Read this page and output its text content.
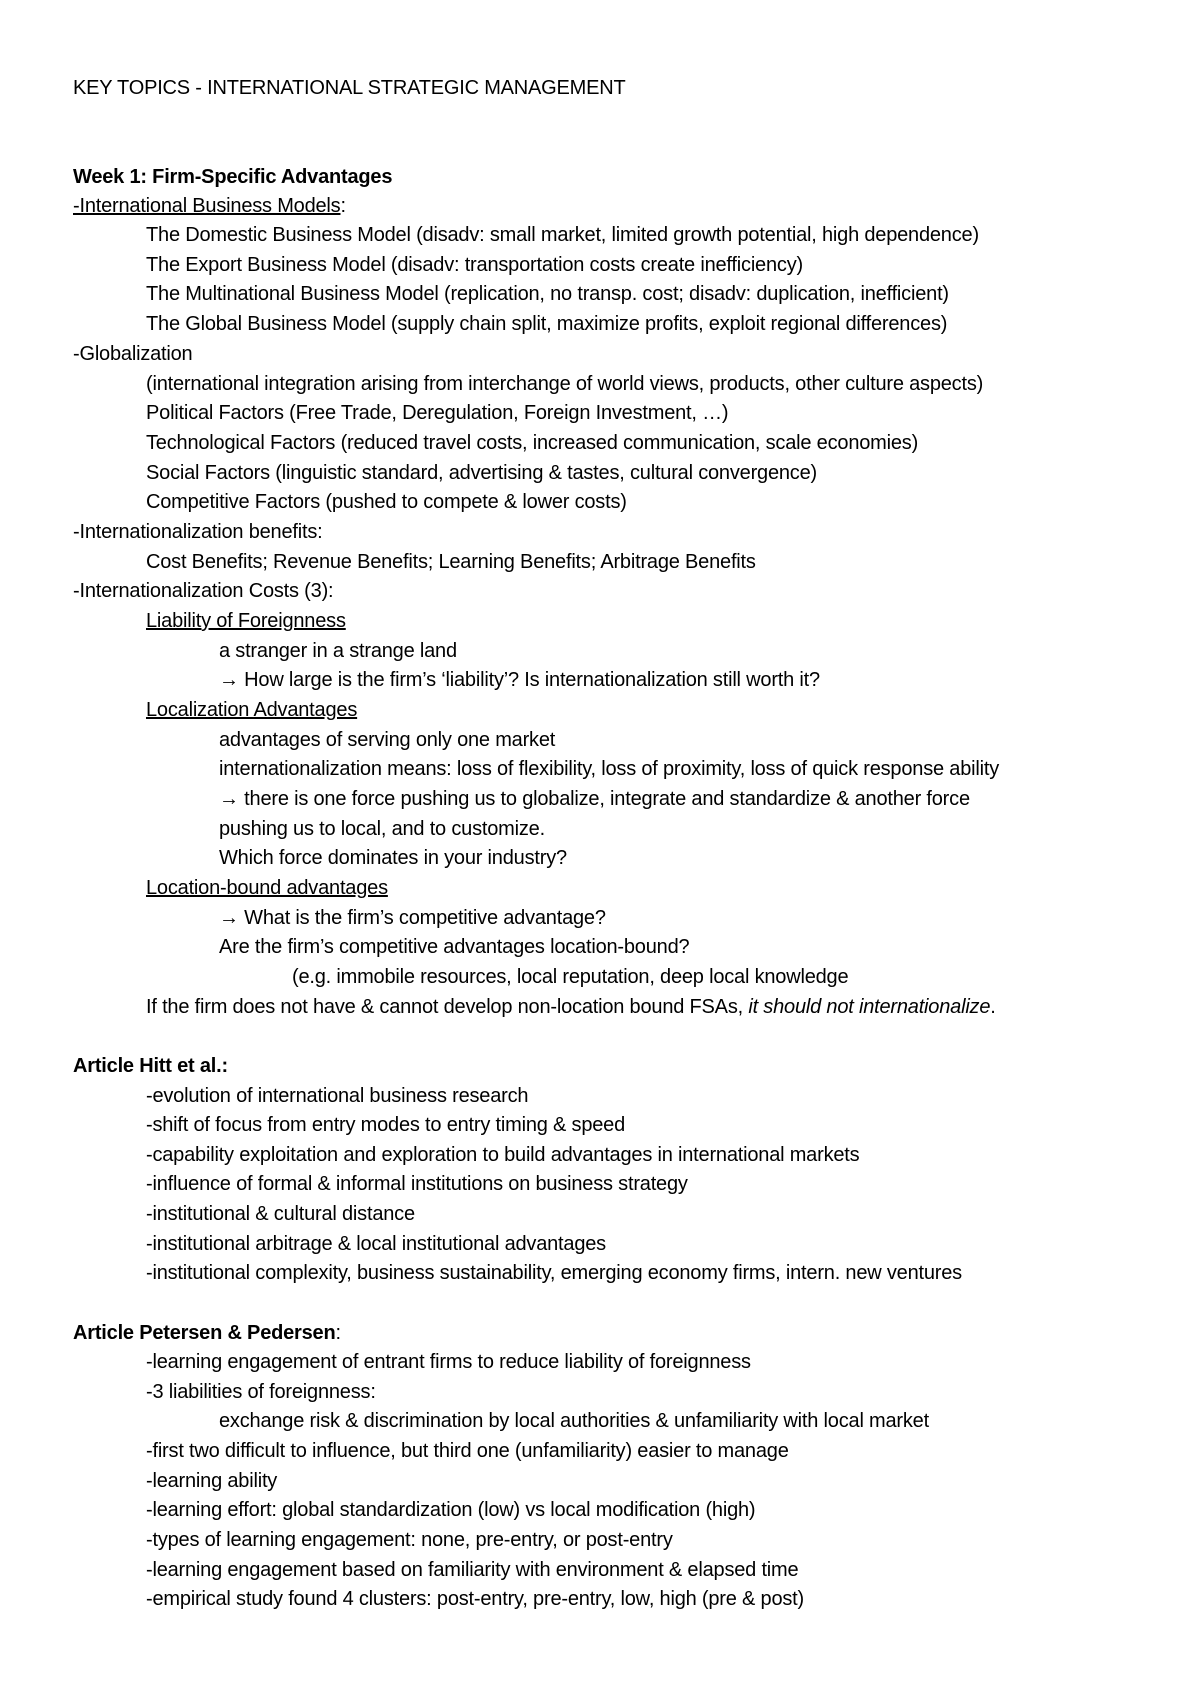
KEY TOPICS - INTERNATIONAL STRATEGIC MANAGEMENT
Week 1: Firm-Specific Advantages
-International Business Models:
The Domestic Business Model (disadv: small market, limited growth potential, high dependence)
The Export Business Model (disadv: transportation costs create inefficiency)
The Multinational Business Model (replication, no transp. cost; disadv: duplication, inefficient)
The Global Business Model (supply chain split, maximize profits, exploit regional differences)
-Globalization
(international integration arising from interchange of world views, products, other culture aspects)
Political Factors (Free Trade, Deregulation, Foreign Investment, …)
Technological Factors (reduced travel costs, increased communication, scale economies)
Social Factors (linguistic standard, advertising & tastes, cultural convergence)
Competitive Factors (pushed to compete & lower costs)
-Internationalization benefits:
Cost Benefits; Revenue Benefits; Learning Benefits; Arbitrage Benefits
-Internationalization Costs (3):
Liability of Foreignness
a stranger in a strange land
→ How large is the firm’s ‘liability’? Is internationalization still worth it?
Localization Advantages
advantages of serving only one market
internationalization means: loss of flexibility, loss of proximity, loss of quick response ability
→ there is one force pushing us to globalize, integrate and standardize & another force
pushing us to local, and to customize.
Which force dominates in your industry?
Location-bound advantages
→ What is the firm’s competitive advantage?
Are the firm’s competitive advantages location-bound?
(e.g. immobile resources, local reputation, deep local knowledge
If the firm does not have & cannot develop non-location bound FSAs, it should not internationalize.
Article Hitt et al.:
-evolution of international business research
-shift of focus from entry modes to entry timing & speed
-capability exploitation and exploration to build advantages in international markets
-influence of formal & informal institutions on business strategy
-institutional & cultural distance
-institutional arbitrage & local institutional advantages
-institutional complexity, business sustainability, emerging economy firms, intern. new ventures
Article Petersen & Pedersen:
-learning engagement of entrant firms to reduce liability of foreignness
-3 liabilities of foreignness:
exchange risk & discrimination by local authorities & unfamiliarity with local market
-first two difficult to influence, but third one (unfamiliarity) easier to manage
-learning ability
-learning effort: global standardization (low) vs local modification (high)
-types of learning engagement: none, pre-entry, or post-entry
-learning engagement based on familiarity with environment & elapsed time
-empirical study found 4 clusters: post-entry, pre-entry, low, high (pre & post)
